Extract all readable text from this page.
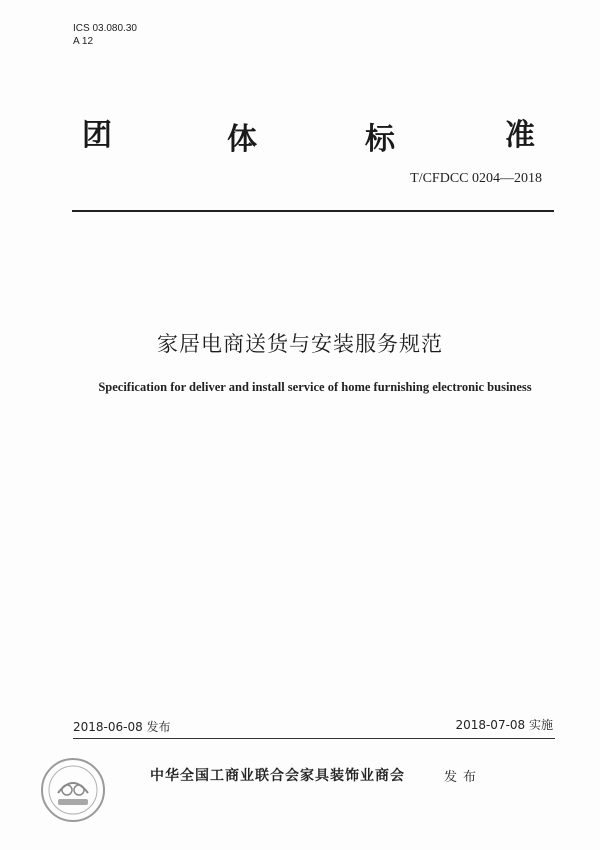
ICS 03.080.30
A 12
团	体	标	准
T/CFDCC 0204—2018
家居电商送货与安装服务规范
Specification for deliver and install service of home furnishing electronic business
2018-06-08 发布	2018-07-08 实施
中华全国工商业联合会家具装饰业商会	发布
